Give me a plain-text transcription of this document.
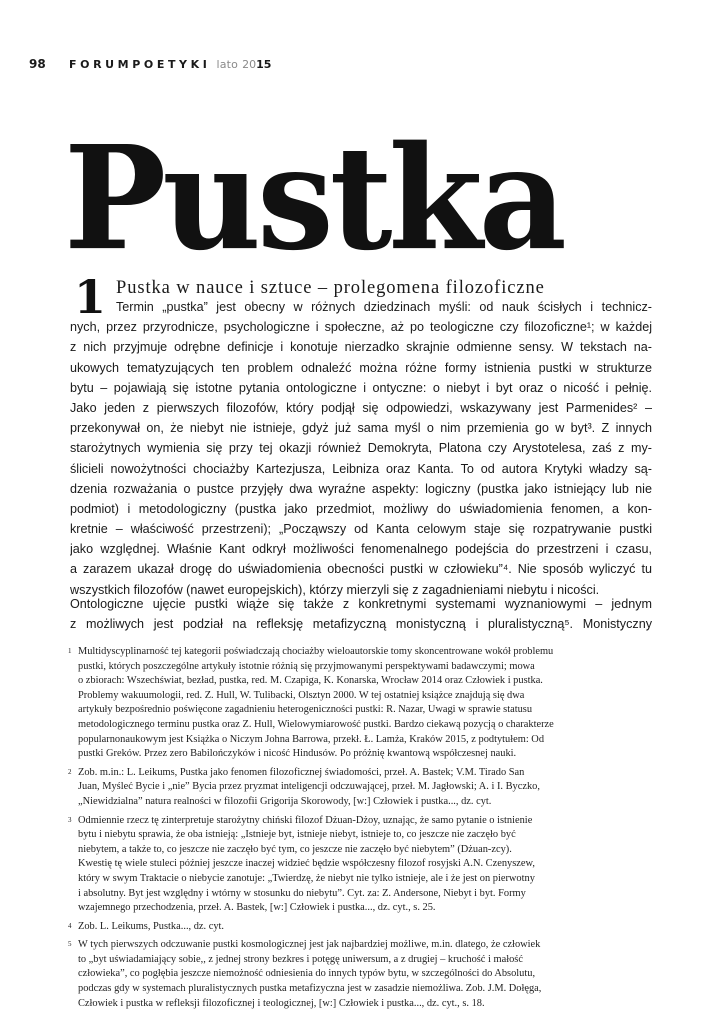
98	FORUM POETYKI lato 20 15
Pustka
1 Pustka w nauce i sztuce – prolegomena filozoficzne
Termin „pustka” jest obecny w różnych dziedzinach myśli: od nauk ścisłych i technicz-
nych, przez przyrodnicze, psychologiczne i społeczne, aż po teologiczne czy filozoficzne¹; w każdej
z nich przyjmuje odrębne definicje i konotuje nierzadko skrajnie odmienne sensy. W tekstach na-
ukowych tematyzujących ten problem odnaleźć można różne formy istnienia pustki w strukturze
bytu – pojawiają się istotne pytania ontologiczne i ontyczne: o niebyt i byt oraz o nicość i pełnię.
Jako jeden z pierwszych filozofów, który podjął się odpowiedzi, wskazywany jest Parmenides² –
przekonywał on, że niebyt nie istnieje, gdyż już sama myśl o nim przemienia go w byt³. Z innych
starożytnych wymienia się przy tej okazji również Demokryta, Platona czy Arystotelesa, zaś z my-
ślicieli nowożytności chociażby Kartezjusza, Leibniza oraz Kanta. To od autora Krytyki władzy są-
dzenia rozważania o pustce przyjęły dwa wyraźne aspekty: logiczny (pustka jako istniejący lub nie
podmiot) i metodologiczny (pustka jako przedmiot, możliwy do uświadomienia fenomen, a kon-
kretnie – właściwość przestrzeni); „Począwszy od Kanta celowym staje się rozpatrywanie pustki
jako względnej. Właśnie Kant odkrył możliwości fenomenalnego podejścia do przestrzeni i czasu,
a zarazem ukazał drogę do uświadomienia obecności pustki w człowieku”⁴. Nie sposób wyliczyć tu
wszystkich filozofów (nawet europejskich), którzy mierzyli się z zagadnieniami niebytu i nicości.
Ontologiczne ujęcie pustki wiąże się także z konkretnymi systemami wyznaniowymi – jednym
z możliwych jest podział na refleksję metafizyczną monistyczną i pluralistyczną⁵. Monistyczny
1 Multidyscyplinarność tej kategorii poświadczają chociażby wieloautorskie tomy skoncentrowane wokół problemu
pustki, których poszczególne artykuły istotnie różnią się przyjmowanymi perspektywami badawczymi; mowa
o zbiorach: Wszechświat, bezład, pustka, red. M. Czapiga, K. Konarska, Wrocław 2014 oraz Człowiek i pustka.
Problemy wakuumologii, red. Z. Hull, W. Tulibacki, Olsztyn 2000. W tej ostatniej książce znajdują się dwa
artykuły bezpośrednio poświęcone zagadnieniu heterogeniczności pustki: R. Nazar, Uwagi w sprawie statusu
metodologicznego terminu pustka oraz Z. Hull, Wielowymiarowość pustki. Bardzo ciekawą pozycją o charakterze
popularnonaukowym jest Książka o Niczym Johna Barrowa, przekł. Ł. Lamża, Kraków 2015, z podtytułem: Od
pustki Greków. Przez zero Babilończyków i nicość Hindusów. Po próżnię kwantową współczesnej nauki.
2 Zob. m.in.: L. Leikums, Pustka jako fenomen filozoficznej świadomości, przeł. A. Bastek; V.M. Tirado San
Juan, Myśleć Bycie i „nie” Bycia przez pryzmat inteligencji odczuwającej, przeł. M. Jagłowski; A. i I. Byczko,
„Niewidzialna” natura realności w filozofii Grigorija Skorowody, [w:] Człowiek i pustka..., dz. cyt.
3 Odmiennie rzecz tę zinterpretuje starożytny chiński filozof Dżuan-Dżoy, uznając, że samo pytanie o istnienie
bytu i niebytu sprawia, że oba istnieją: „Istnieje byt, istnieje niebyt, istnieje to, co jeszcze nie zaczęło być
niebytem, a także to, co jeszcze nie zaczęło być tym, co jeszcze nie zaczęło być niebytem” (Dżuan-zcy).
Kwestię tę wiele stuleci później jeszcze inaczej widzieć będzie współczesny filozof rosyjski A.N. Czenyszew,
który w swym Traktacie o niebycie zanotuje: „Twierdzę, że niebyt nie tylko istnieje, ale i że jest on pierwotny
i absolutny. Byt jest względny i wtórny w stosunku do niebytu”. Cyt. za: Z. Andersone, Niebyt i byt. Formy
wzajemnego przechodzenia, przeł. A. Bastek, [w:] Człowiek i pustka..., dz. cyt., s. 25.
4 Zob. L. Leikums, Pustka..., dz. cyt.
5 W tych pierwszych odczuwanie pustki kosmologicznej jest jak najbardziej możliwe, m.in. dlatego, że człowiek
to „byt uświadamiający sobie,, z jednej strony bezkres i potęgę uniwersum, a z drugiej – kruchość i małość
człowieka”, co pogłębia jeszcze niemożność odniesienia do innych typów bytu, w szczególności do Absolutu,
podczas gdy w systemach pluralistycznych pustka metafizyczna jest w zasadzie niemożliwa. Zob. J.M. Dołęga,
Człowiek i pustka w refleksji filozoficznej i teologicznej, [w:] Człowiek i pustka..., dz. cyt., s. 18.
